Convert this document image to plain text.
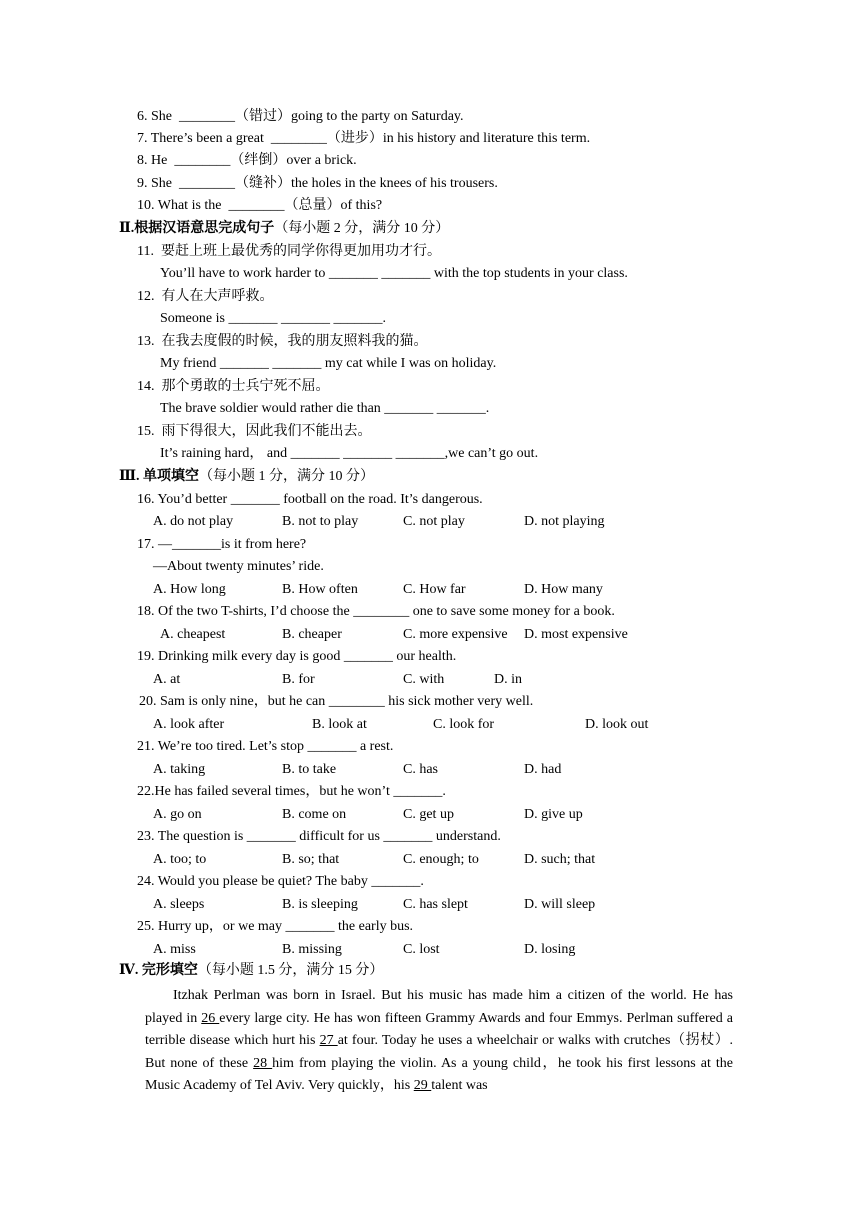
6. She  ________（错过）going to the party on Saturday.
7. There’s been a great  ________（进步）in his history and literature this term.
8. He  ________（绊倒）over a brick.
9. She  ________（缝补）the holes in the knees of his trousers.
10. What is the  ________（总量）of this?
Ⅱ.根据汉语意思完成句子（每小题 2 分，满分 10 分）
11.  要赶上班上最优秀的同学你得更加用功才行。
You’ll have to work harder to _______ _______ with the top students in your class.
12.  有人在大声呼救。
Someone is _______ _______ _______.
13.  在我去度假的时候，我的朋友照料我的猫。
My friend _______ _______ my cat while I was on holiday.
14.  那个勇敢的士兵宁死不屈。
The brave soldier would rather die than _______ _______.
15.  雨下得很大，因此我们不能出去。
It’s raining hard， and _______ _______ _______,we can’t go out.
Ⅲ. 单项填空（每小题 1 分，满分 10 分）
16. You’d better _______ football on the road. It’s dangerous.
A. do not play	B. not to play	C. not play	D. not playing
17. —_______is it from here?
—About twenty minutes’ ride.
A. How long	B. How often	C. How far	D. How many
18. Of the two T-shirts, I’d choose the ________ one to save some money for a book.
A. cheapest	B. cheaper	C. more expensive D. most expensive
19. Drinking milk every day is good _______ our health.
A. at	B. for	C. with	D. in
20. Sam is only nine，but he can ________ his sick mother very well.
A. look after	B. look at	C. look for	D. look out
21. We’re too tired. Let’s stop _______ a rest.
A. taking	B. to take	C. has	D. had
22.He has failed several times，but he won’t _______.
A. go on	B. come on	C. get up	D. give up
23. The question is _______ difficult for us _______ understand.
A. too; to	B. so; that	C. enough; to	D. such; that
24. Would you please be quiet? The baby _______.
A. sleeps	B. is sleeping	C. has slept	D. will sleep
25. Hurry up，or we may _______ the early bus.
A. miss	B. missing	C. lost	D. losing
Ⅳ. 完形填空（每小题 1.5 分，满分 15 分）

Itzhak Perlman was born in Israel. But his music has made him a citizen of the world. He has played in 26 every large city. He has won fifteen Grammy Awards and four Emmys. Perlman suffered a terrible disease which hurt his 27 at four. Today he uses a wheelchair or walks with crutches（拐杖）. But none of these 28 him from playing the violin. As a young child，he took his first lessons at the Music Academy of Tel Aviv. Very quickly，his 29 talent was
